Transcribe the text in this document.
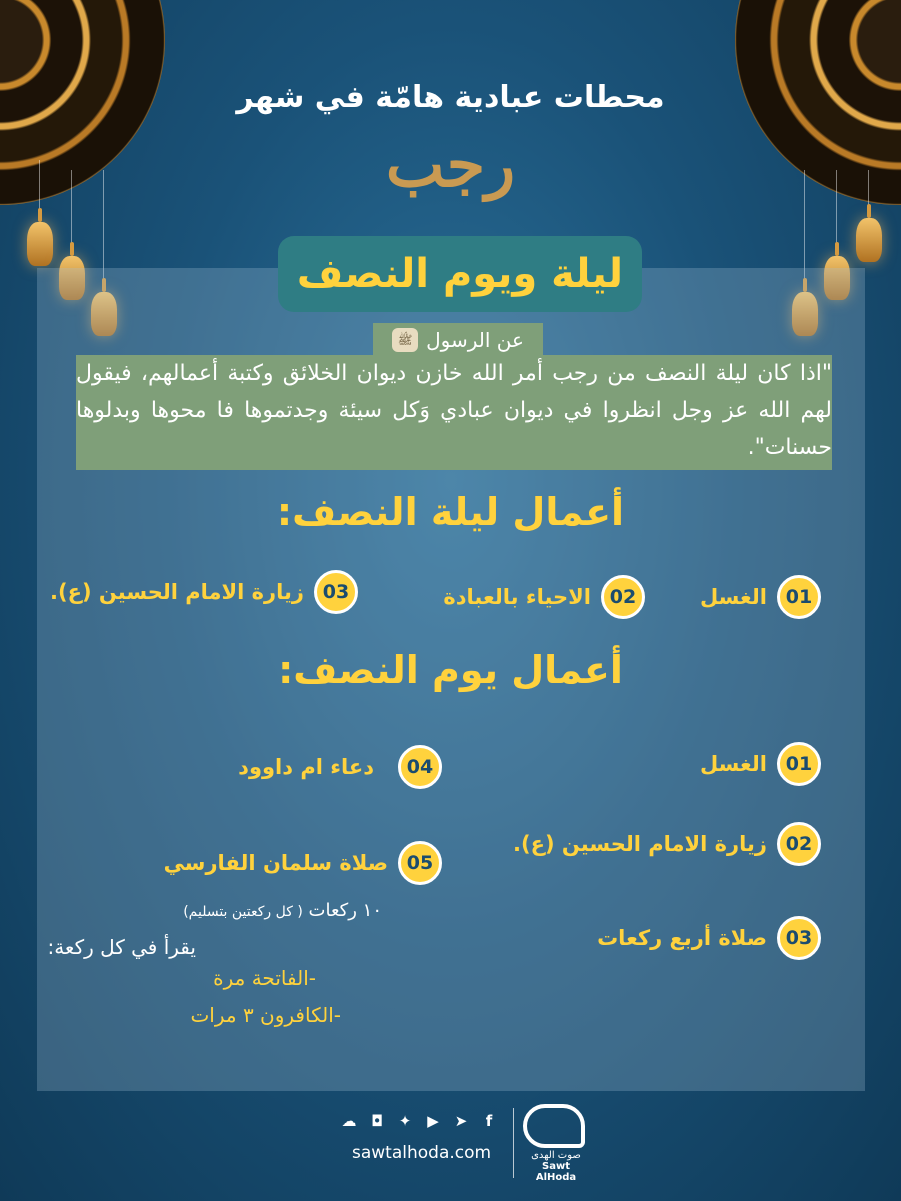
محطات عبادية هامّة في شهر
رجب
ليلة ويوم النصف
عن الرسول
ﷺ
"اذا كان ليلة النصف من رجب أمر الله خازن ديوان الخلائق وكتبة أعمالهم، فيقول لهم الله عز وجل انظروا في ديوان عبادي وَكل سيئة وجدتموها فا محوها وبدلوها حسنات".
أعمال ليلة النصف:
01
الغسل
02
الاحياء بالعبادة
03
زيارة الامام الحسين (ع).
أعمال يوم النصف:
01
الغسل
02
زيارة الامام الحسين (ع).
03
صلاة أربع ركعات
04
دعاء ام داوود
05
صلاة سلمان الفارسي
١٠ ركعات ( كل ركعتين بتسليم)
يقرأ في كل ركعة:
-الفاتحة مرة
-الكافرون ٣ مرات
☁ ◘ ✦ ▶ ➤	f
sawtalhoda.com	صوت الهدى
Sawt AlHoda
